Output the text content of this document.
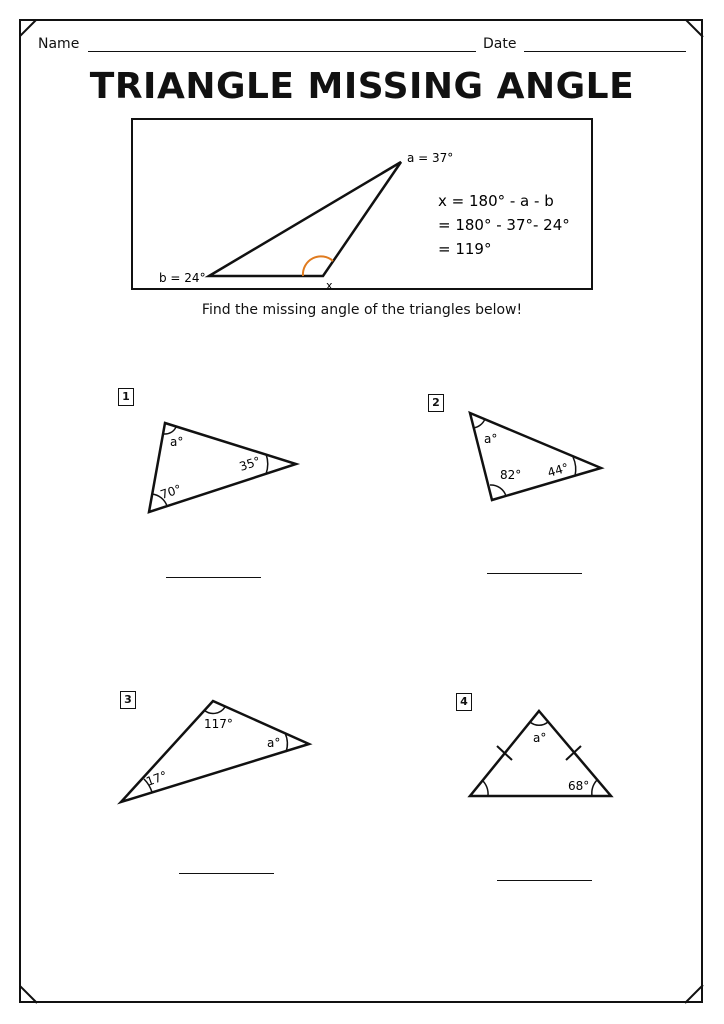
Name	Date
TRIANGLE MISSING ANGLE
a = 37°
b = 24°
x
x = 180° - a - b
= 180° - 37°- 24°
= 119°
Find the missing angle of the triangles below!
1
a°
35°
70°
2
a°
82° 44°
3
117°
a°
17°
4
a°
68°
